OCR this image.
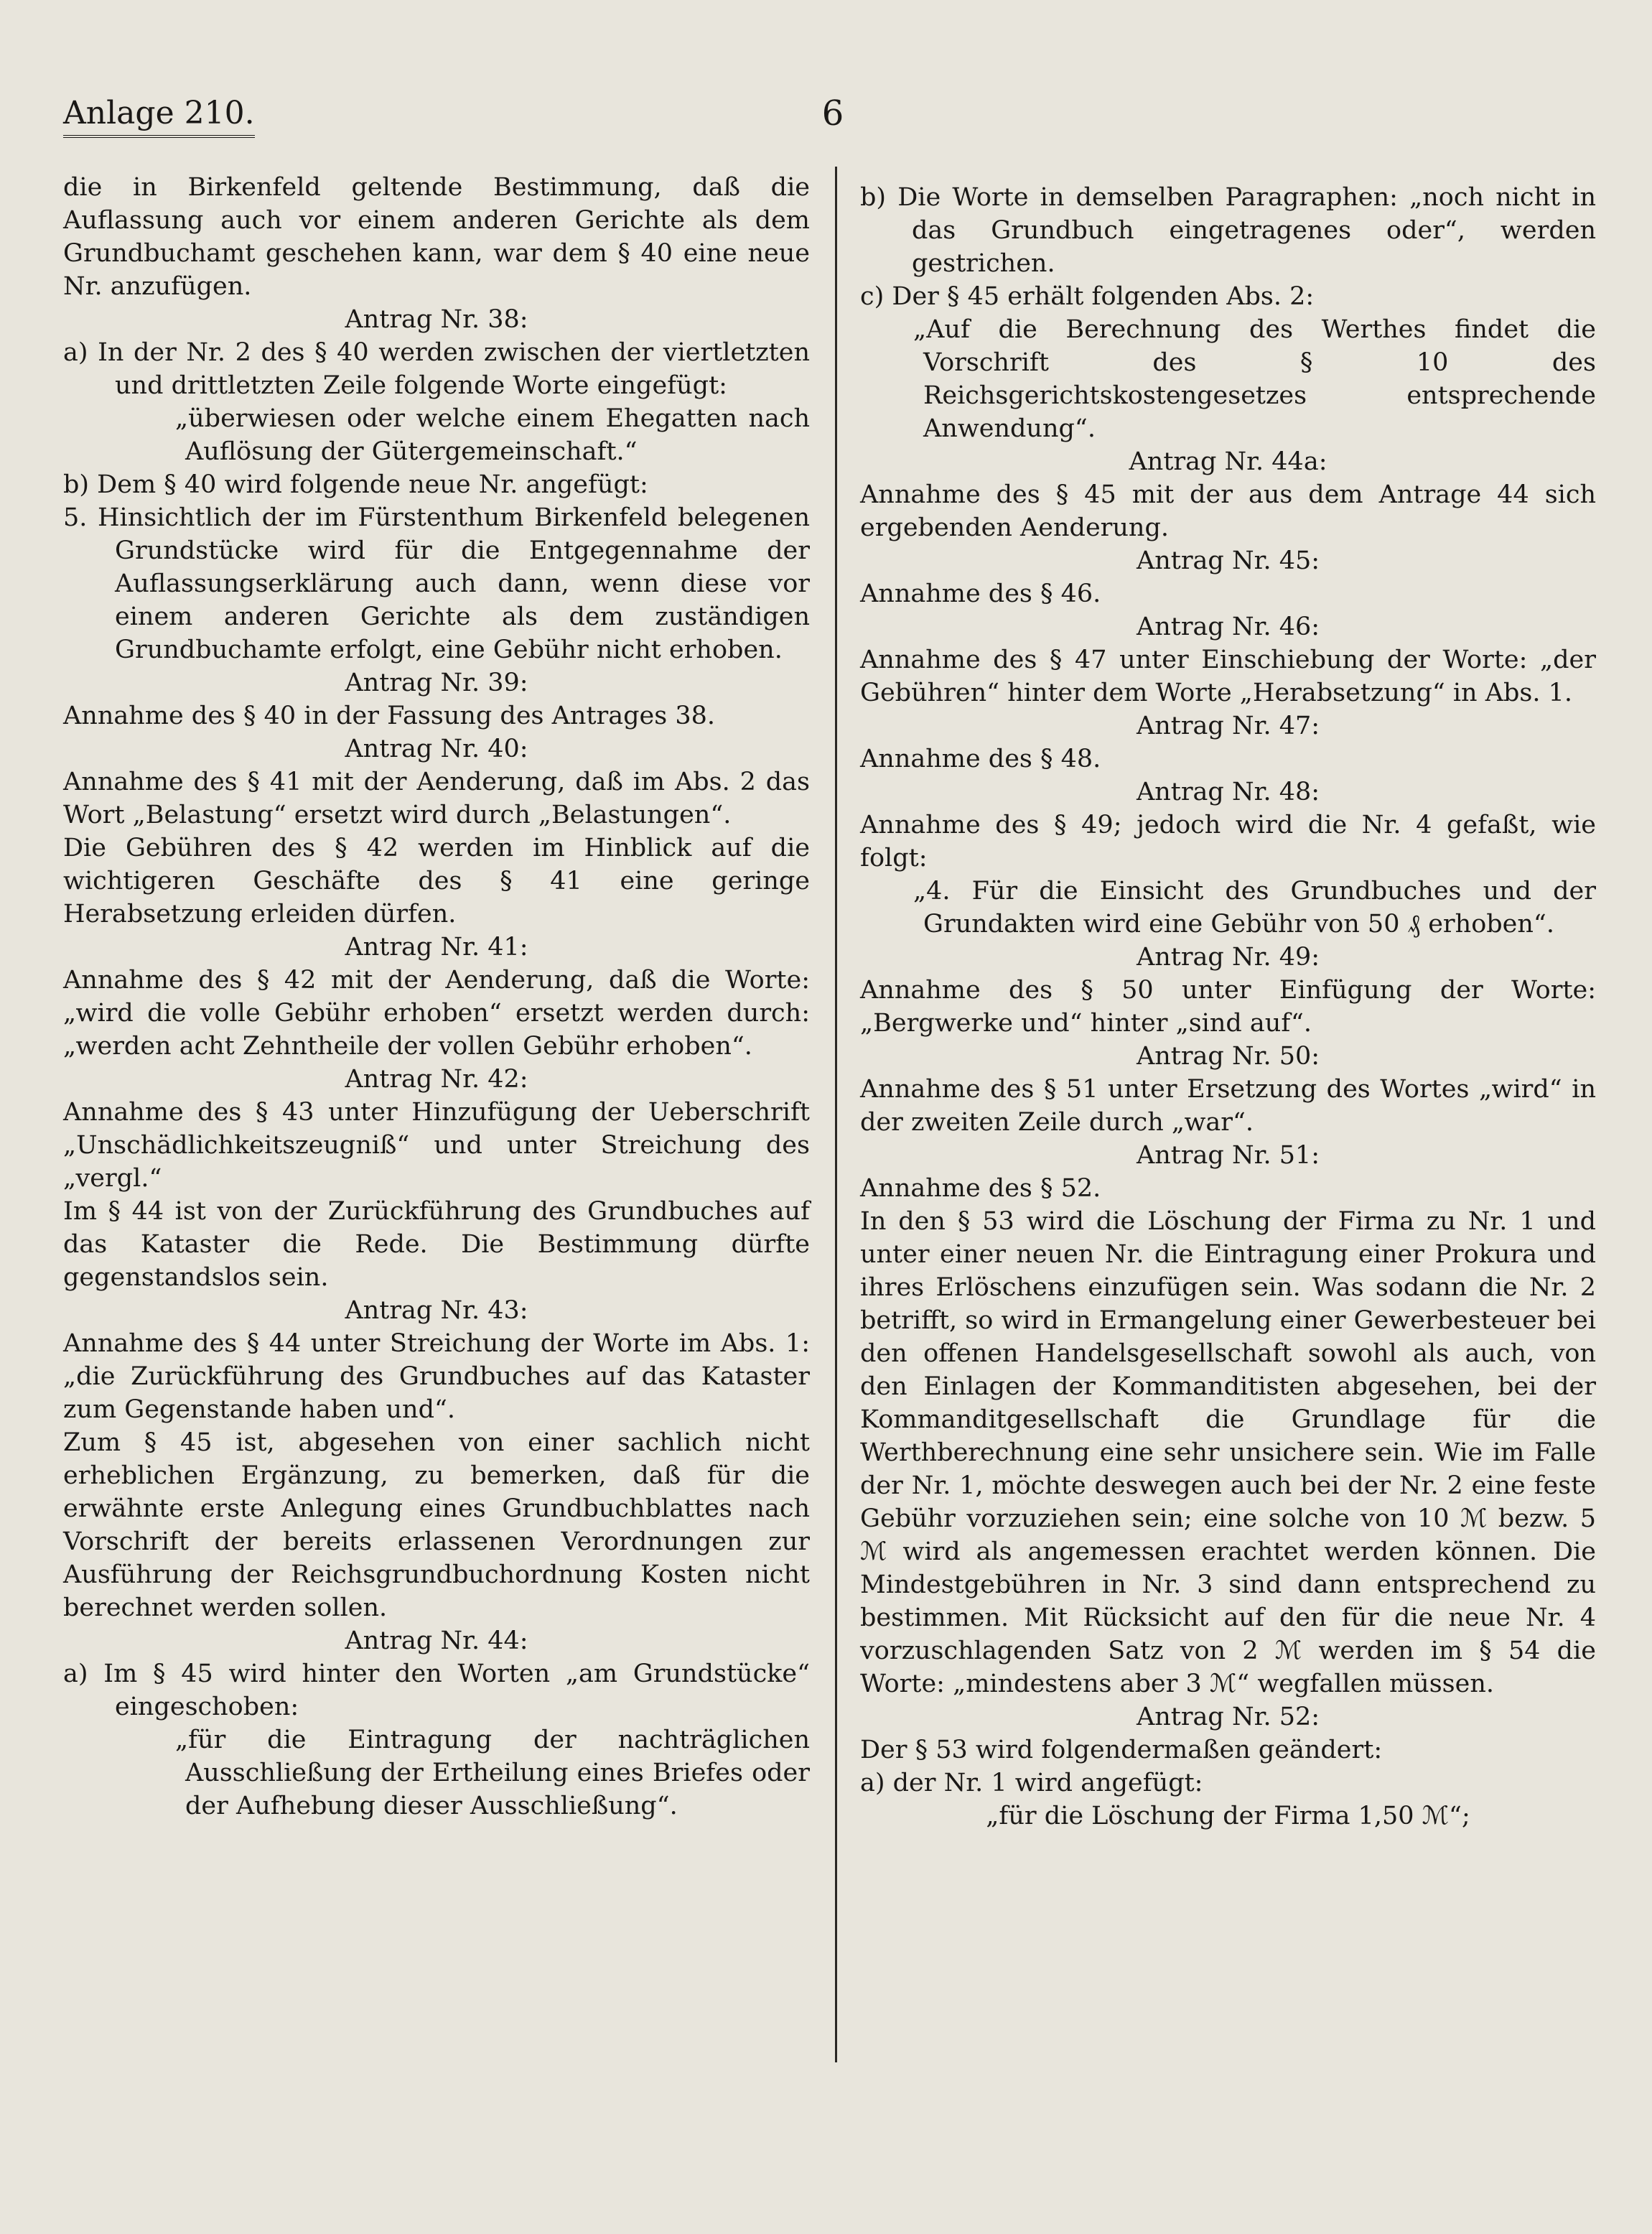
Anlage 210.	6

die in Birkenfeld geltende Bestimmung, daß die Auflassung auch vor einem anderen Gerichte als dem Grundbuchamt geschehen kann, war dem § 40 eine neue Nr. anzufügen.

Antrag Nr. 38:

a) In der Nr. 2 des § 40 werden zwischen der viertletzten und drittletzten Zeile folgende Worte eingefügt:

„überwiesen oder welche einem Ehegatten nach Auflösung der Gütergemeinschaft.“

b) Dem § 40 wird folgende neue Nr. angefügt:

5. Hinsichtlich der im Fürstenthum Birkenfeld belegenen Grundstücke wird für die Entgegennahme der Auflassungserklärung auch dann, wenn diese vor einem anderen Gerichte als dem zuständigen Grundbuchamte erfolgt, eine Gebühr nicht erhoben.

Antrag Nr. 39:

Annahme des § 40 in der Fassung des Antrages 38.

Antrag Nr. 40:

Annahme des § 41 mit der Aenderung, daß im Abs. 2 das Wort „Belastung“ ersetzt wird durch „Belastungen“.

Die Gebühren des § 42 werden im Hinblick auf die wichtigeren Geschäfte des § 41 eine geringe Herabsetzung erleiden dürfen.

Antrag Nr. 41:

Annahme des § 42 mit der Aenderung, daß die Worte: „wird die volle Gebühr erhoben“ ersetzt werden durch: „werden acht Zehntheile der vollen Gebühr erhoben“.

Antrag Nr. 42:

Annahme des § 43 unter Hinzufügung der Ueberschrift „Unschädlichkeitszeugniß“ und unter Streichung des „vergl.“

Im § 44 ist von der Zurückführung des Grundbuches auf das Kataster die Rede. Die Bestimmung dürfte gegenstandslos sein.

Antrag Nr. 43:

Annahme des § 44 unter Streichung der Worte im Abs. 1: „die Zurückführung des Grundbuches auf das Kataster zum Gegenstande haben und“.

Zum § 45 ist, abgesehen von einer sachlich nicht erheblichen Ergänzung, zu bemerken, daß für die erwähnte erste Anlegung eines Grundbuchblattes nach Vorschrift der bereits erlassenen Verordnungen zur Ausführung der Reichsgrundbuchordnung Kosten nicht berechnet werden sollen.

Antrag Nr. 44:

a) Im § 45 wird hinter den Worten „am Grundstücke“ eingeschoben:

„für die Eintragung der nachträglichen Ausschließung der Ertheilung eines Briefes oder der Aufhebung dieser Ausschließung“.

b) Die Worte in demselben Paragraphen: „noch nicht in das Grundbuch eingetragenes oder“, werden gestrichen.

c) Der § 45 erhält folgenden Abs. 2:

„Auf die Berechnung des Werthes findet die Vorschrift des § 10 des Reichsgerichtskostengesetzes entsprechende Anwendung“.

Antrag Nr. 44a:

Annahme des § 45 mit der aus dem Antrage 44 sich ergebenden Aenderung.

Antrag Nr. 45:

Annahme des § 46.

Antrag Nr. 46:

Annahme des § 47 unter Einschiebung der Worte: „der Gebühren“ hinter dem Worte „Herabsetzung“ in Abs. 1.

Antrag Nr. 47:

Annahme des § 48.

Antrag Nr. 48:

Annahme des § 49; jedoch wird die Nr. 4 gefaßt, wie folgt:

„4. Für die Einsicht des Grundbuches und der Grundakten wird eine Gebühr von 50 ₰ erhoben“.

Antrag Nr. 49:

Annahme des § 50 unter Einfügung der Worte: „Bergwerke und“ hinter „sind auf“.

Antrag Nr. 50:

Annahme des § 51 unter Ersetzung des Wortes „wird“ in der zweiten Zeile durch „war“.

Antrag Nr. 51:

Annahme des § 52.

In den § 53 wird die Löschung der Firma zu Nr. 1 und unter einer neuen Nr. die Eintragung einer Prokura und ihres Erlöschens einzufügen sein. Was sodann die Nr. 2 betrifft, so wird in Ermangelung einer Gewerbesteuer bei den offenen Handelsgesellschaft sowohl als auch, von den Einlagen der Kommanditisten abgesehen, bei der Kommanditgesellschaft die Grundlage für die Werthberechnung eine sehr unsichere sein. Wie im Falle der Nr. 1, möchte deswegen auch bei der Nr. 2 eine feste Gebühr vorzuziehen sein; eine solche von 10 ℳ bezw. 5 ℳ wird als angemessen erachtet werden können. Die Mindestgebühren in Nr. 3 sind dann entsprechend zu bestimmen. Mit Rücksicht auf den für die neue Nr. 4 vorzuschlagenden Satz von 2 ℳ werden im § 54 die Worte: „mindestens aber 3 ℳ“ wegfallen müssen.

Antrag Nr. 52:

Der § 53 wird folgendermaßen geändert:

a) der Nr. 1 wird angefügt:

„für die Löschung der Firma 1,50 ℳ“;
